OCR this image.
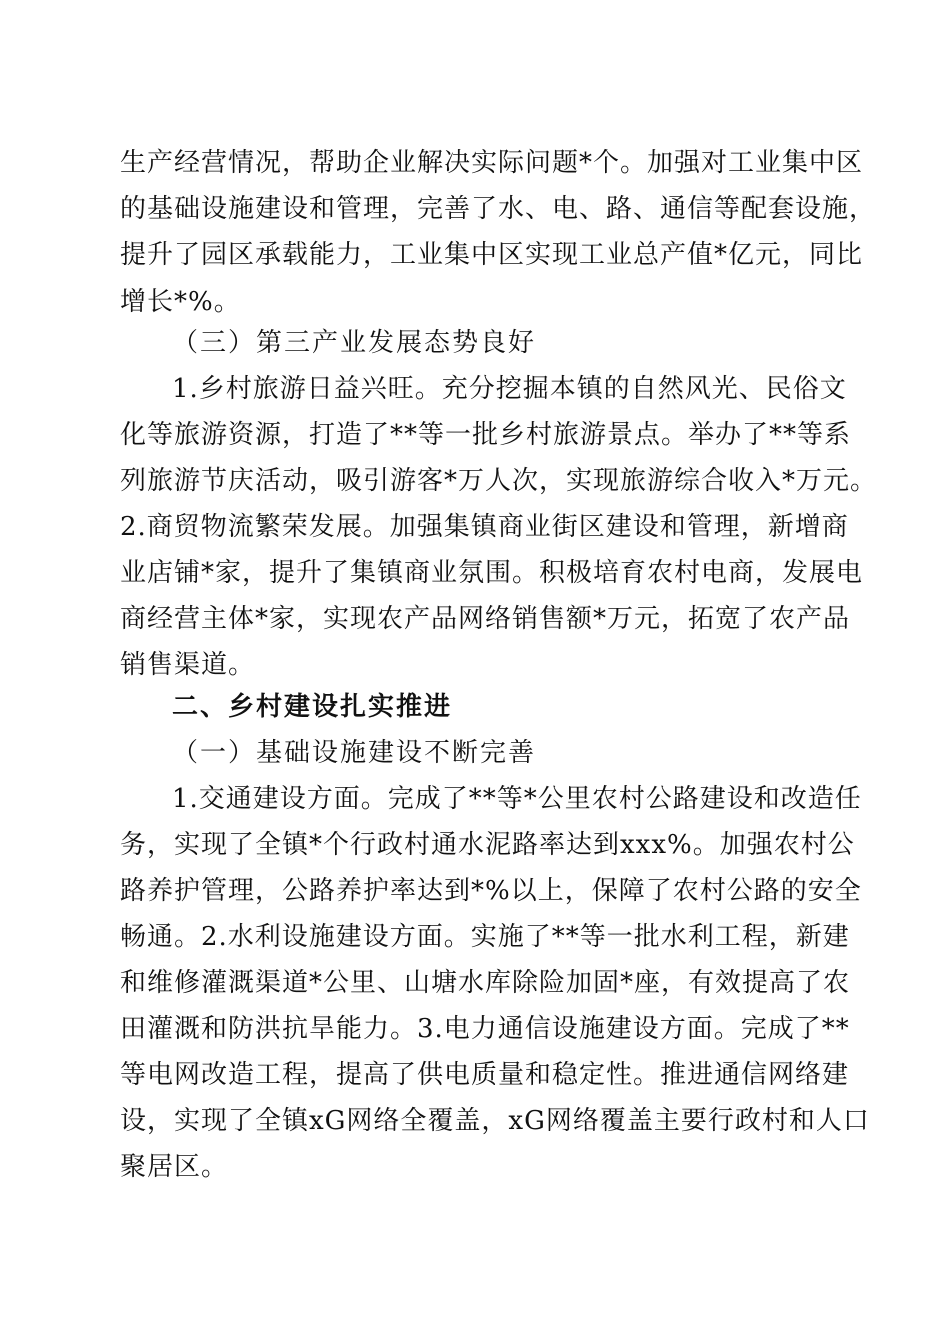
生产经营情况，帮助企业解决实际问题*个。加强对工业集中区
的基础设施建设和管理，完善了水、电、路、通信等配套设施，
提升了园区承载能力，工业集中区实现工业总产值*亿元，同比
增长*%。
（三）第三产业发展态势良好
1.乡村旅游日益兴旺。充分挖掘本镇的自然风光、民俗文
化等旅游资源，打造了**等一批乡村旅游景点。举办了**等系
列旅游节庆活动，吸引游客*万人次，实现旅游综合收入*万元。
2.商贸物流繁荣发展。加强集镇商业街区建设和管理，新增商
业店铺*家，提升了集镇商业氛围。积极培育农村电商，发展电
商经营主体*家，实现农产品网络销售额*万元，拓宽了农产品
销售渠道。
二、乡村建设扎实推进
（一）基础设施建设不断完善
1.交通建设方面。完成了**等*公里农村公路建设和改造任
务，实现了全镇*个行政村通水泥路率达到xxx%。加强农村公
路养护管理，公路养护率达到*%以上，保障了农村公路的安全
畅通。2.水利设施建设方面。实施了**等一批水利工程，新建
和维修灌溉渠道*公里、山塘水库除险加固*座，有效提高了农
田灌溉和防洪抗旱能力。3.电力通信设施建设方面。完成了**
等电网改造工程，提高了供电质量和稳定性。推进通信网络建
设，实现了全镇xG网络全覆盖，xG网络覆盖主要行政村和人口
聚居区。
